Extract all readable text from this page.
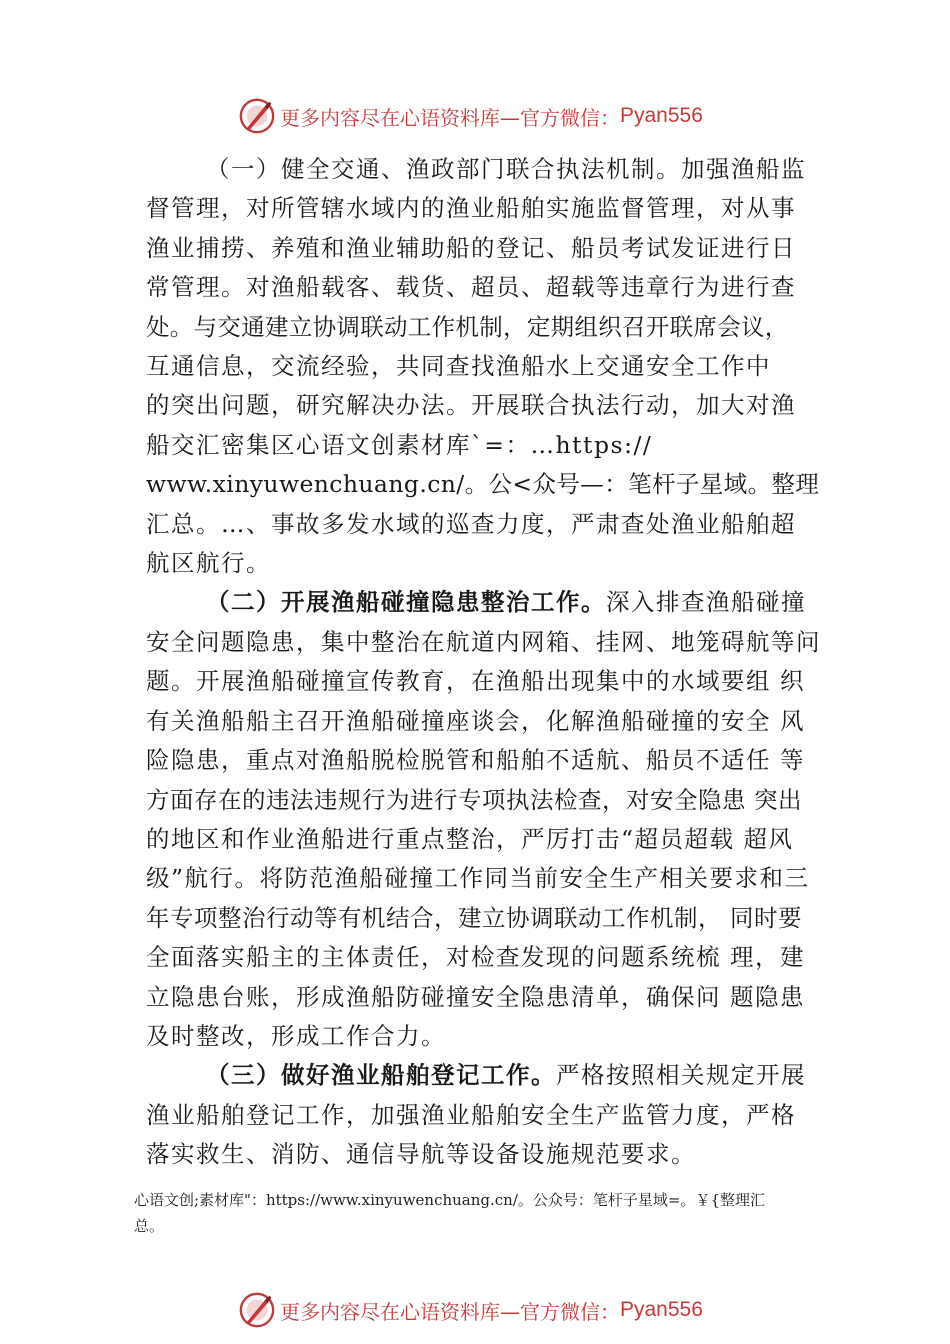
更多内容尽在心语资料库—官方微信： Pyan556
（一）健全交通、渔政部门联合执法机制。加强渔船监
督管理，对所管辖水域内的渔业船舶实施监督管理，对从事
渔业捕捞、养殖和渔业辅助船的登记、船员考试发证进行日
常管理。对渔船载客、载货、超员、超载等违章行为进行查
处。与交通建立协调联动工作机制，定期组织召开联席会议，
互通信息，交流经验，共同查找渔船水上交通安全工作中
的突出问题，研究解决办法。开展联合执法行动，加大对渔
船交汇密集区心语文创素材库`=：…https://
www.xinyuwenchuang.cn/。公<众号—：笔杆子星域。整理
汇总。…、事故多发水域的巡查力度，严肃查处渔业船舶超
航区航行。
（二）开展渔船碰撞隐患整治工作。深入排查渔船碰撞
安全问题隐患，集中整治在航道内网箱、挂网、地笼碍航等问
题。开展渔船碰撞宣传教育，在渔船出现集中的水域要组 织
有关渔船船主召开渔船碰撞座谈会，化解渔船碰撞的安全 风
险隐患，重点对渔船脱检脱管和船舶不适航、船员不适任 等
方面存在的违法违规行为进行专项执法检查，对安全隐患 突出
的地区和作业渔船进行重点整治，严厉打击“超员超载 超风
级”航行。将防范渔船碰撞工作同当前安全生产相关要求和三
年专项整治行动等有机结合，建立协调联动工作机制， 同时要
全面落实船主的主体责任，对检查发现的问题系统梳 理，建
立隐患台账，形成渔船防碰撞安全隐患清单，确保问 题隐患
及时整改，形成工作合力。
（三）做好渔业船舶登记工作。严格按照相关规定开展
渔业船舶登记工作，加强渔业船舶安全生产监管力度，严格
落实救生、消防、通信导航等设备设施规范要求。
心语文创;素材库"：https://www.xinyuwenchuang.cn/。公众号：笔杆子星域=。￥{整理汇
总。
更多内容尽在心语资料库—官方微信： Pyan556
